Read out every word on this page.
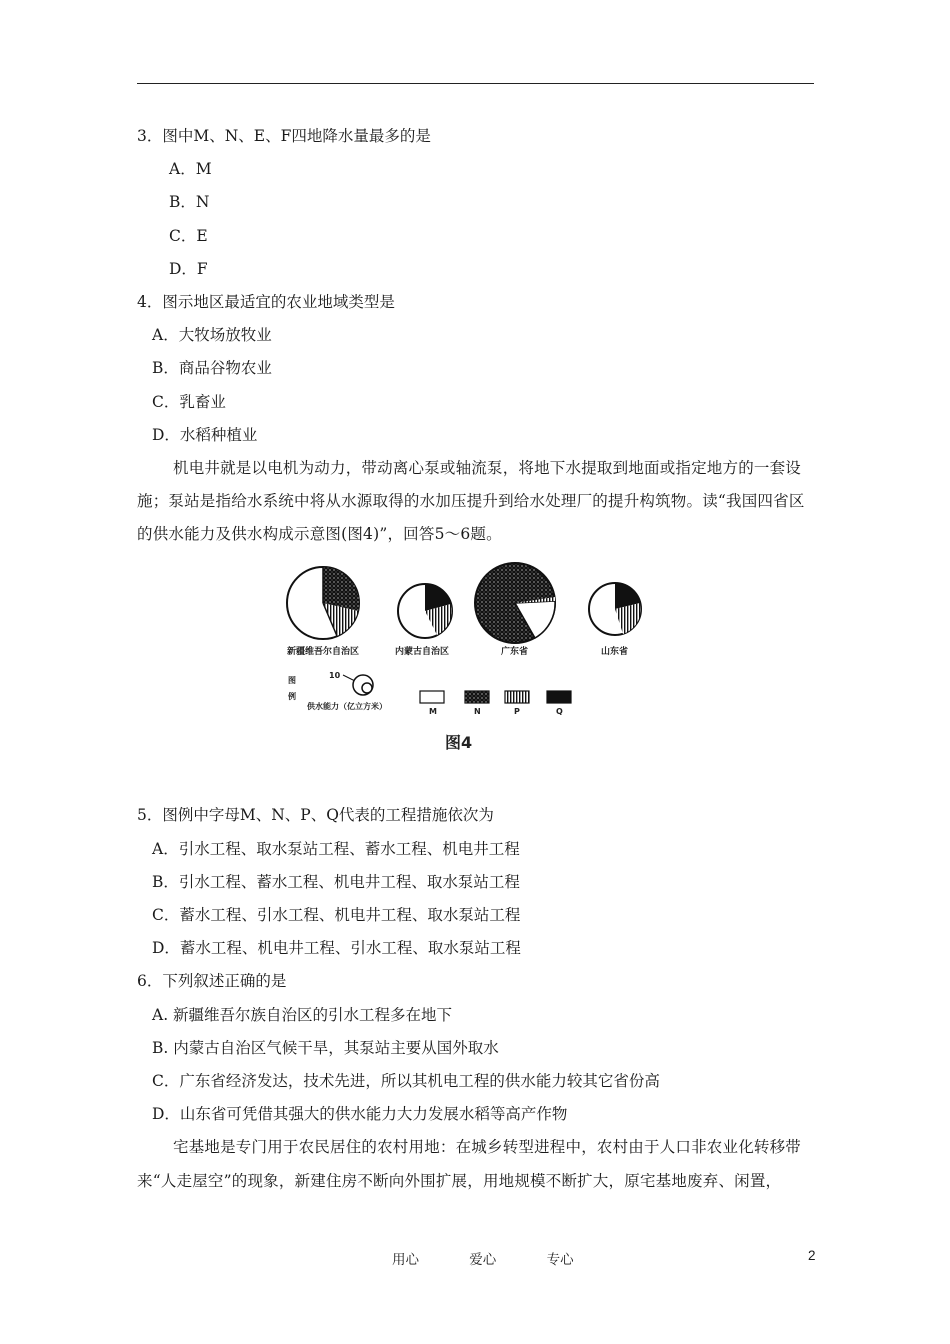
3．图中M、N、E、F四地降水量最多的是
A．M
B．N
C．E
D．F
4．图示地区最适宜的农业地域类型是
A．大牧场放牧业
B．商品谷物农业
C．乳畜业
D．水稻种植业
机电井就是以电机为动力，带动离心泵或轴流泵，将地下水提取到地面或指定地方的一套设施；泵站是指给水系统中将从水源取得的水加压提升到给水处理厂的提升构筑物。读“我国四省区的供水能力及供水构成示意图(图4)”，回答5～6题。
新疆维吾尔自治区	内蒙古自治区	广东省	山东省
图
例
10
供水能力（亿立方米）
M	N	P	Q
图4
5．图例中字母M、N、P、Q代表的工程措施依次为
A．引水工程、取水泵站工程、蓄水工程、机电井工程
B．引水工程、蓄水工程、机电井工程、取水泵站工程
C．蓄水工程、引水工程、机电井工程、取水泵站工程
D．蓄水工程、机电井工程、引水工程、取水泵站工程
6．下列叙述正确的是
A. 新疆维吾尔族自治区的引水工程多在地下
B. 内蒙古自治区气候干旱，其泵站主要从国外取水
C．广东省经济发达，技术先进，所以其机电工程的供水能力较其它省份高
D．山东省可凭借其强大的供水能力大力发展水稻等高产作物
宅基地是专门用于农民居住的农村用地：在城乡转型进程中，农村由于人口非农业化转移带来“人走屋空”的现象，新建住房不断向外围扩展，用地规模不断扩大，原宅基地废弃、闲置，
用心	爱心	专心	2
